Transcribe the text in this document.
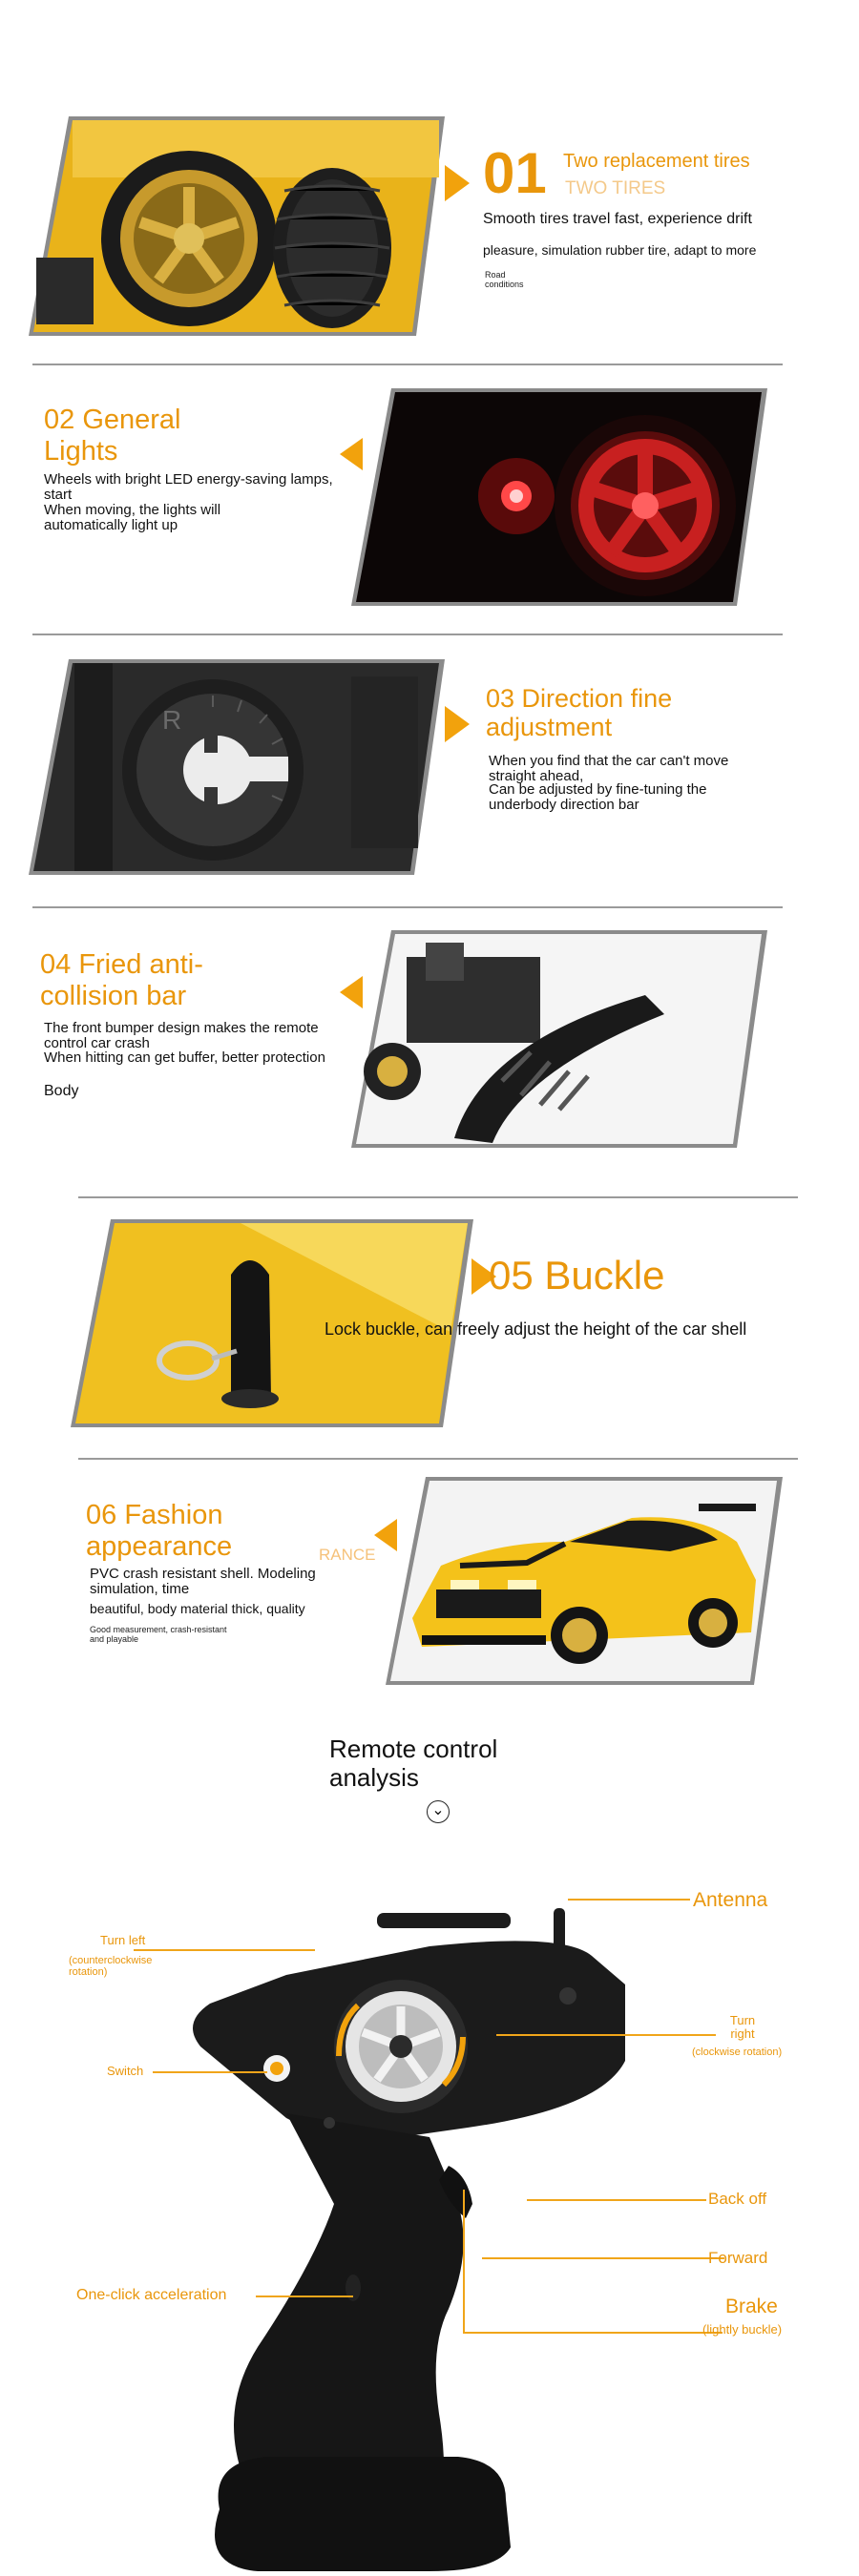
01 Two replacement tires
TWO TIRES
Smooth tires travel fast, experience drift
pleasure, simulation rubber tire, adapt to more
Road conditions
02 General Lights
Wheels with bright LED energy-saving lamps, start
When moving, the lights will automatically light up
R
03 Direction fine adjustment
When you find that the car can't move straight ahead,
Can be adjusted by fine-tuning the underbody direction bar
04 Fried anti-collision bar
The front bumper design makes the remote control car crash
When hitting can get buffer, better protection
Body
05 Buckle
Lock buckle, can freely adjust the height of the car shell
06 Fashion appearance	RANCE
PVC crash resistant shell. Modeling simulation, time
beautiful, body material thick, quality
Good measurement, crash-resistant and playable
Remote control analysis
⌄
Antenna
Turn left
(counterclockwise rotation)
Turn right
(clockwise rotation)
Switch
Back off
Forward
One-click acceleration
Brake
(lightly buckle)
